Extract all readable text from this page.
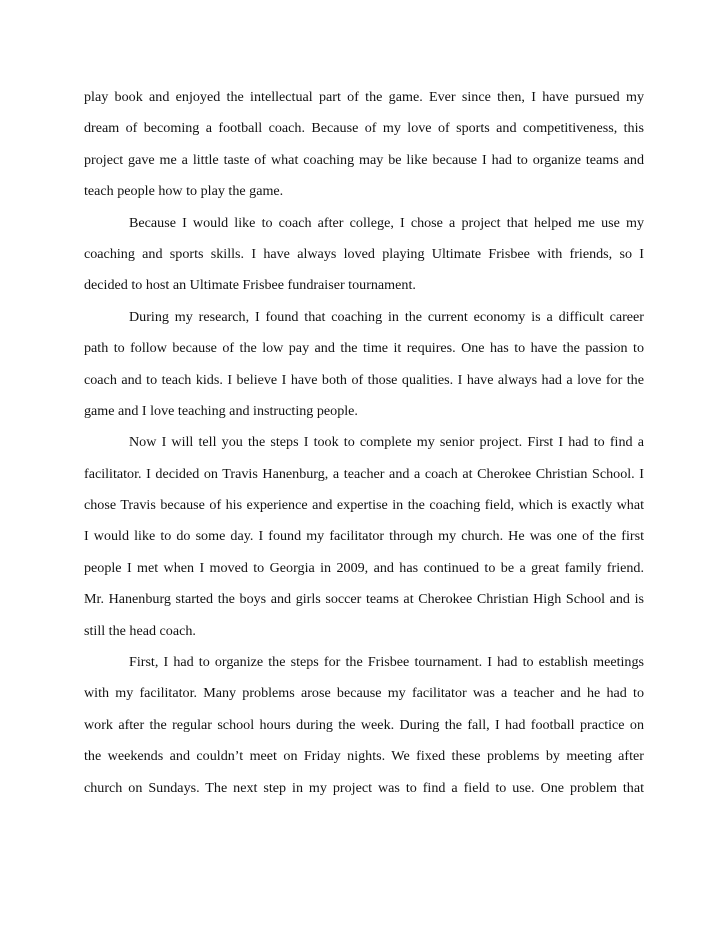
play book and enjoyed the intellectual part of the game. Ever since then, I have pursued my
dream of becoming a football coach. Because of my love of sports and competitiveness, this
project gave me a little taste of what coaching may be like because I had to organize teams and
teach people how to play the game.
Because I would like to coach after college, I chose a project that helped me use my
coaching and sports skills. I have always loved playing Ultimate Frisbee with friends, so I
decided to host an Ultimate Frisbee fundraiser tournament.
During my research, I found that coaching in the current economy is a difficult career
path to follow because of the low pay and the time it requires. One has to have the passion to
coach and to teach kids. I believe I have both of those qualities. I have always had a love for the
game and I love teaching and instructing people.
Now I will tell you the steps I took to complete my senior project. First I had to find a
facilitator. I decided on Travis Hanenburg, a teacher and a coach at Cherokee Christian School. I
chose Travis because of his experience and expertise in the coaching field, which is exactly what
I would like to do some day. I found my facilitator through my church. He was one of the first
people I met when I moved to Georgia in 2009, and has continued to be a great family friend.
Mr. Hanenburg started the boys and girls soccer teams at Cherokee Christian High School and is
still the head coach.
First, I had to organize the steps for the Frisbee tournament. I had to establish meetings
with my facilitator. Many problems arose because my facilitator was a teacher and he had to
work after the regular school hours during the week. During the fall, I had football practice on
the weekends and couldn’t meet on Friday nights. We fixed these problems by meeting after
church on Sundays. The next step in my project was to find a field to use. One problem that
